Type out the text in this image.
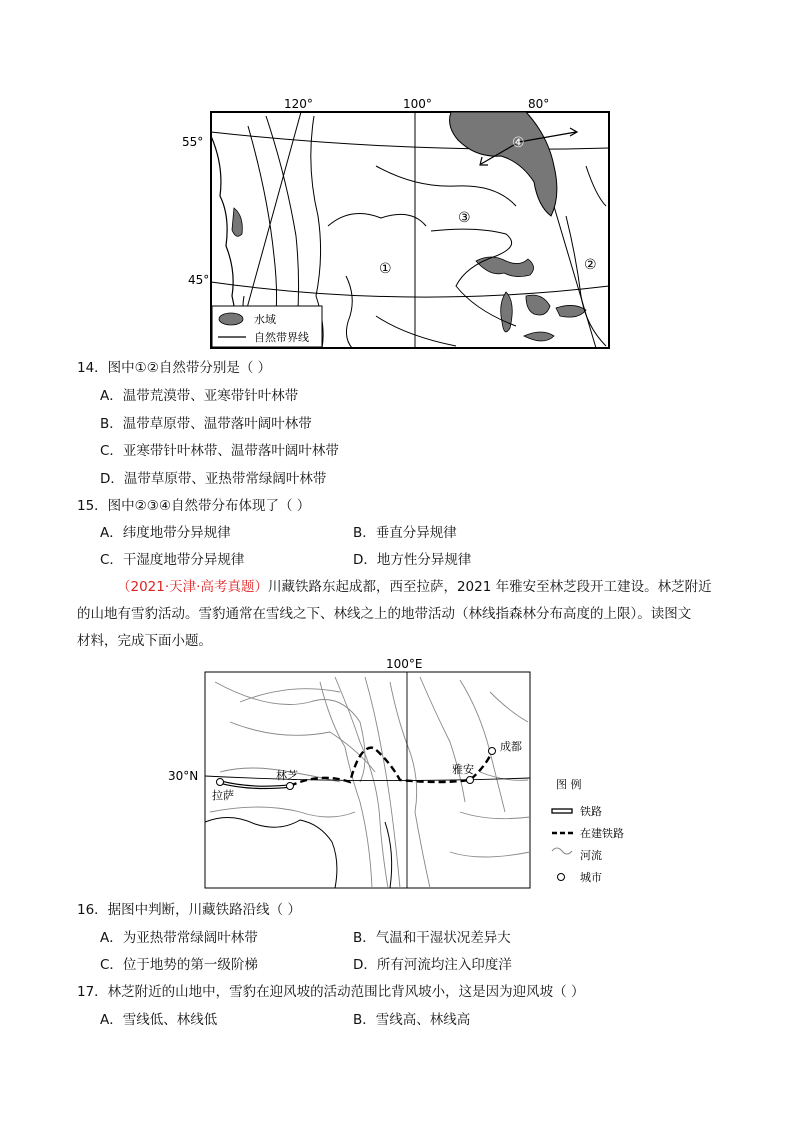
120°	100°	80°
55°
45°
①	②
③
④
水域
自然带界线
14．图中①②自然带分别是（ ）
A．温带荒漠带、亚寒带针叶林带
B．温带草原带、温带落叶阔叶林带
C．亚寒带针叶林带、温带落叶阔叶林带
D．温带草原带、亚热带常绿阔叶林带
15．图中②③④自然带分布体现了（ ）
A．纬度地带分异规律	B．垂直分异规律
C．干湿度地带分异规律	D．地方性分异规律
（2021·天津·高考真题）川藏铁路东起成都，西至拉萨，2021 年雅安至林芝段开工建设。林芝附近
的山地有雪豹活动。雪豹通常在雪线之下、林线之上的地带活动（林线指森林分布高度的上限）。读图文
材料，完成下面小题。
拉萨
林芝	雅安
成都
100°E
30°N
图 例
铁路
在建铁路
河流
城市
16．据图中判断，川藏铁路沿线（ ）
A．为亚热带常绿阔叶林带	B．气温和干湿状况差异大
C．位于地势的第一级阶梯	D．所有河流均注入印度洋
17．林芝附近的山地中，雪豹在迎风坡的活动范围比背风坡小，这是因为迎风坡（ ）
A．雪线低、林线低	B．雪线高、林线高
